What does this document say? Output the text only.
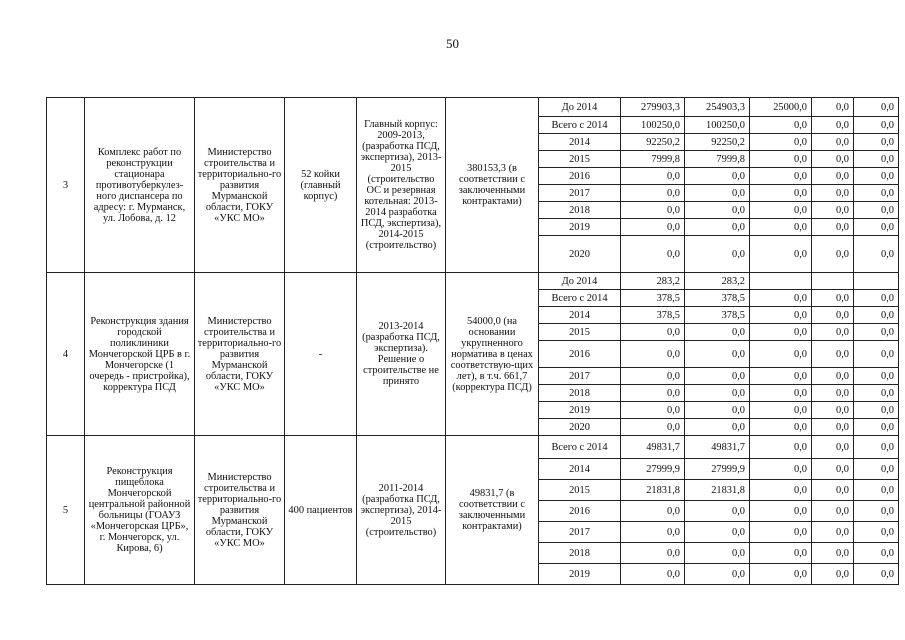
50
3	Комплекс работ по реконструкции стационара противотуберкулез-ного диспансера по адресу: г. Мурманск, ул. Лобова, д. 12	Министерство строительства и территориально-го развития Мурманской области, ГОКУ «УКС МО»	52 койки (главный корпус)	Главный корпус: 2009-2013, (разработка ПСД, экспертиза), 2013-2015 (строительство ОС и резервная котельная: 2013-2014 разработка ПСД, экспертиза), 2014-2015 (строительство)	380153,3 (в соответствии с заключенными контрактами)	До 2014	279903,3	254903,3	25000,0	0,0	0,0
						Всего с 2014	100250,0	100250,0	0,0	0,0	0,0
						2014	92250,2	92250,2	0,0	0,0	0,0
						2015	7999,8	7999,8	0,0	0,0	0,0
						2016	0,0	0,0	0,0	0,0	0,0
						2017	0,0	0,0	0,0	0,0	0,0
						2018	0,0	0,0	0,0	0,0	0,0
						2019	0,0	0,0	0,0	0,0	0,0
						2020	0,0	0,0	0,0	0,0	0,0
4	Реконструкция здания городской поликлиники Мончегорской ЦРБ в г. Мончегорске (1 очередь - пристройка), корректура ПСД	Министерство строительства и территориально-го развития Мурманской области, ГОКУ «УКС МО»	-	2013-2014 (разработка ПСД, экспертиза). Решение о строительстве не принято	54000,0 (на основании укрупненного норматива в ценах соответствую-щих лет), в т.ч. 661,7 (корректура ПСД)	До 2014	283,2	283,2			
						Всего с 2014	378,5	378,5	0,0	0,0	0,0
						2014	378,5	378,5	0,0	0,0	0,0
						2015	0,0	0,0	0,0	0,0	0,0
						2016	0,0	0,0	0,0	0,0	0,0
						2017	0,0	0,0	0,0	0,0	0,0
						2018	0,0	0,0	0,0	0,0	0,0
						2019	0,0	0,0	0,0	0,0	0,0
						2020	0,0	0,0	0,0	0,0	0,0
5	Реконструкция пищеблока Мончегорской центральной районной больницы (ГОАУЗ «Мончегорская ЦРБ», г. Мончегорск, ул. Кирова, 6)	Министерство строительства и территориально-го развития Мурманской области, ГОКУ «УКС МО»	400 пациентов	2011-2014 (разработка ПСД, экспертиза), 2014-2015 (строительство)	49831,7 (в соответствии с заключенными контрактами)	Всего с 2014	49831,7	49831,7	0,0	0,0	0,0
						2014	27999,9	27999,9	0,0	0,0	0,0
						2015	21831,8	21831,8	0,0	0,0	0,0
						2016	0,0	0,0	0,0	0,0	0,0
						2017	0,0	0,0	0,0	0,0	0,0
						2018	0,0	0,0	0,0	0,0	0,0
						2019	0,0	0,0	0,0	0,0	0,0
